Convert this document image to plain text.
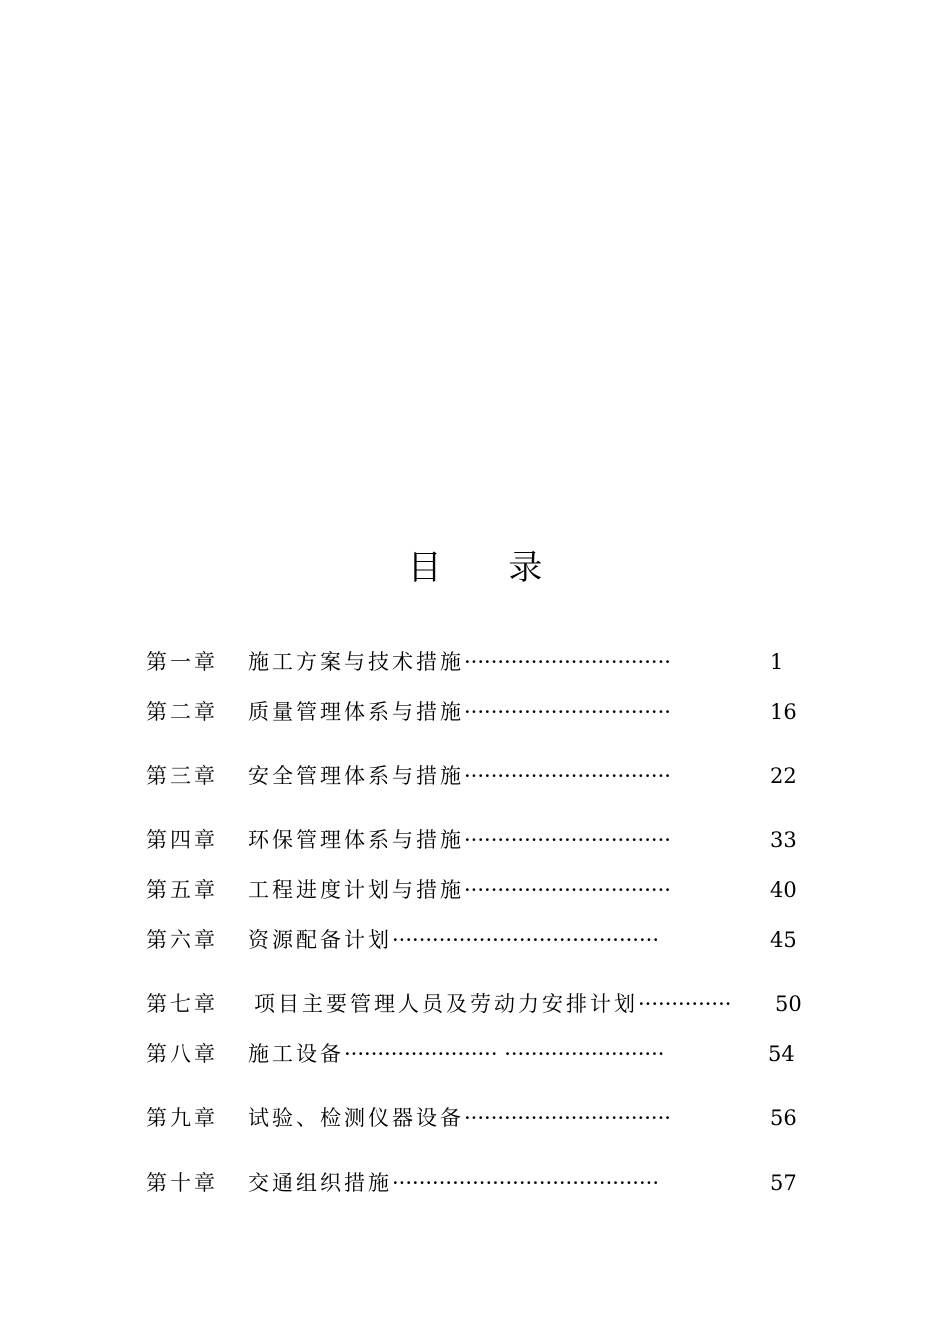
目 录
第一章 施工方案与技术措施·······························	1
第二章 质量管理体系与措施·······························	16
第三章 安全管理体系与措施·······························	22
第四章 环保管理体系与措施·······························	33
第五章 工程进度计划与措施·······························	40
第六章 资源配备计划········································	45
第七章 项目主要管理人员及劳动力安排计划·············· 50
第八章 施工设备······················· ························	54
第九章 试验、检测仪器设备·······························	56
第十章 交通组织措施········································	57
